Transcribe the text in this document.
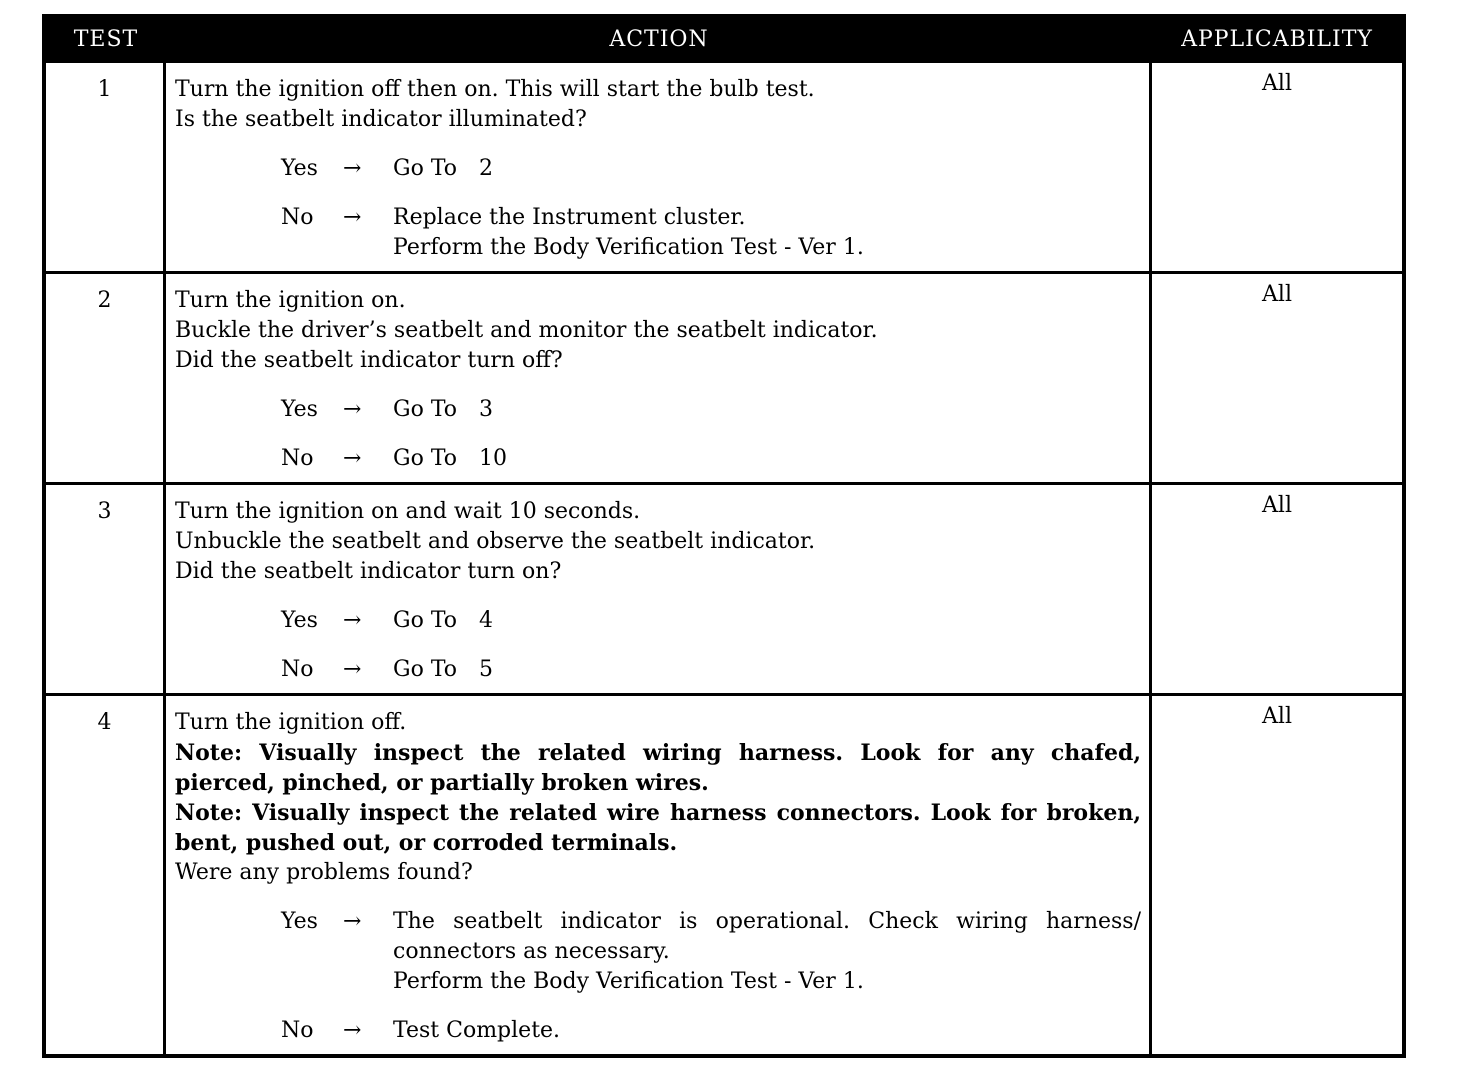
TEST	ACTION	APPLICABILITY
1	Turn the ignition off then on. This will start the bulb test.
Is the seatbelt indicator illuminated?
Yes	→	Go To 2
No	→	Replace the Instrument cluster.
Perform the Body Verification Test - Ver 1.
All
2	Turn the ignition on.
Buckle the driver’s seatbelt and monitor the seatbelt indicator.
Did the seatbelt indicator turn off?
Yes	→	Go To 3
No	→	Go To 10
All
3	Turn the ignition on and wait 10 seconds.
Unbuckle the seatbelt and observe the seatbelt indicator.
Did the seatbelt indicator turn on?
Yes	→	Go To 4
No	→	Go To 5
All
4	Turn the ignition off.
Note: Visually inspect the related wiring harness. Look for any chafed, pierced, pinched, or partially broken wires.
Note: Visually inspect the related wire harness connectors. Look for broken, bent, pushed out, or corroded terminals.
Were any problems found?
Yes	→	The seatbelt indicator is operational. Check wiring harness/ connectors as necessary.
Perform the Body Verification Test - Ver 1.
No	→	Test Complete.
All
